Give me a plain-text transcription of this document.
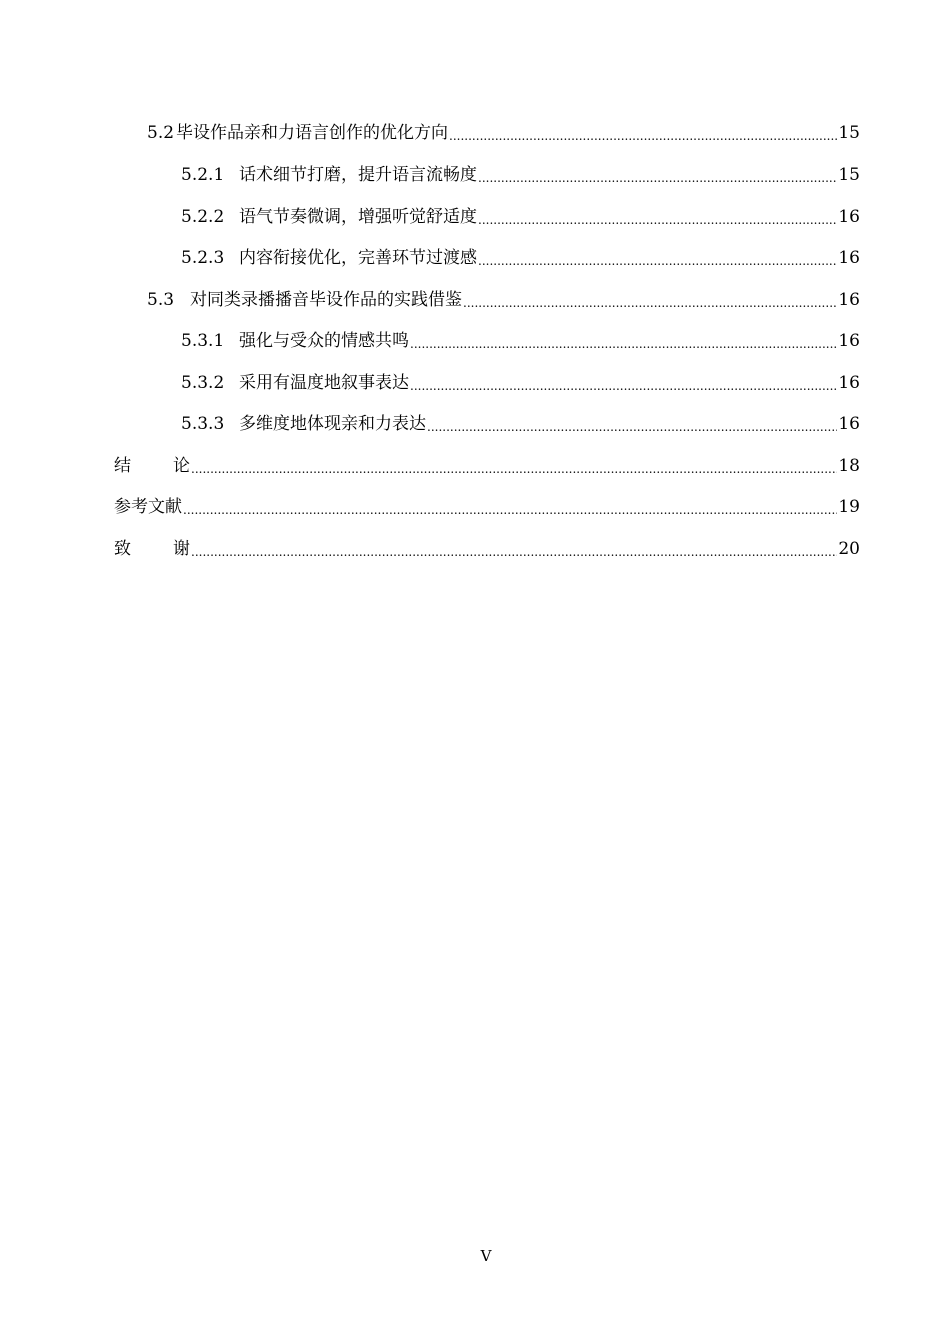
5.2 毕设作品亲和力语言创作的优化方向 .....	15
5.2.1 话术细节打磨，提升语言流畅度 .....	15
5.2.2 语气节奏微调，增强听觉舒适度 .....	16
5.2.3 内容衔接优化，完善环节过渡感 .....	16
5.3 对同类录播播音毕设作品的实践借鉴 .....	16
5.3.1 强化与受众的情感共鸣 .....	16
5.3.2 采用有温度地叙事表达 .....	16
5.3.3 多维度地体现亲和力表达 .....	16
结 论 .....	18
参考文献 .....	19
致 谢 .....	20
V
